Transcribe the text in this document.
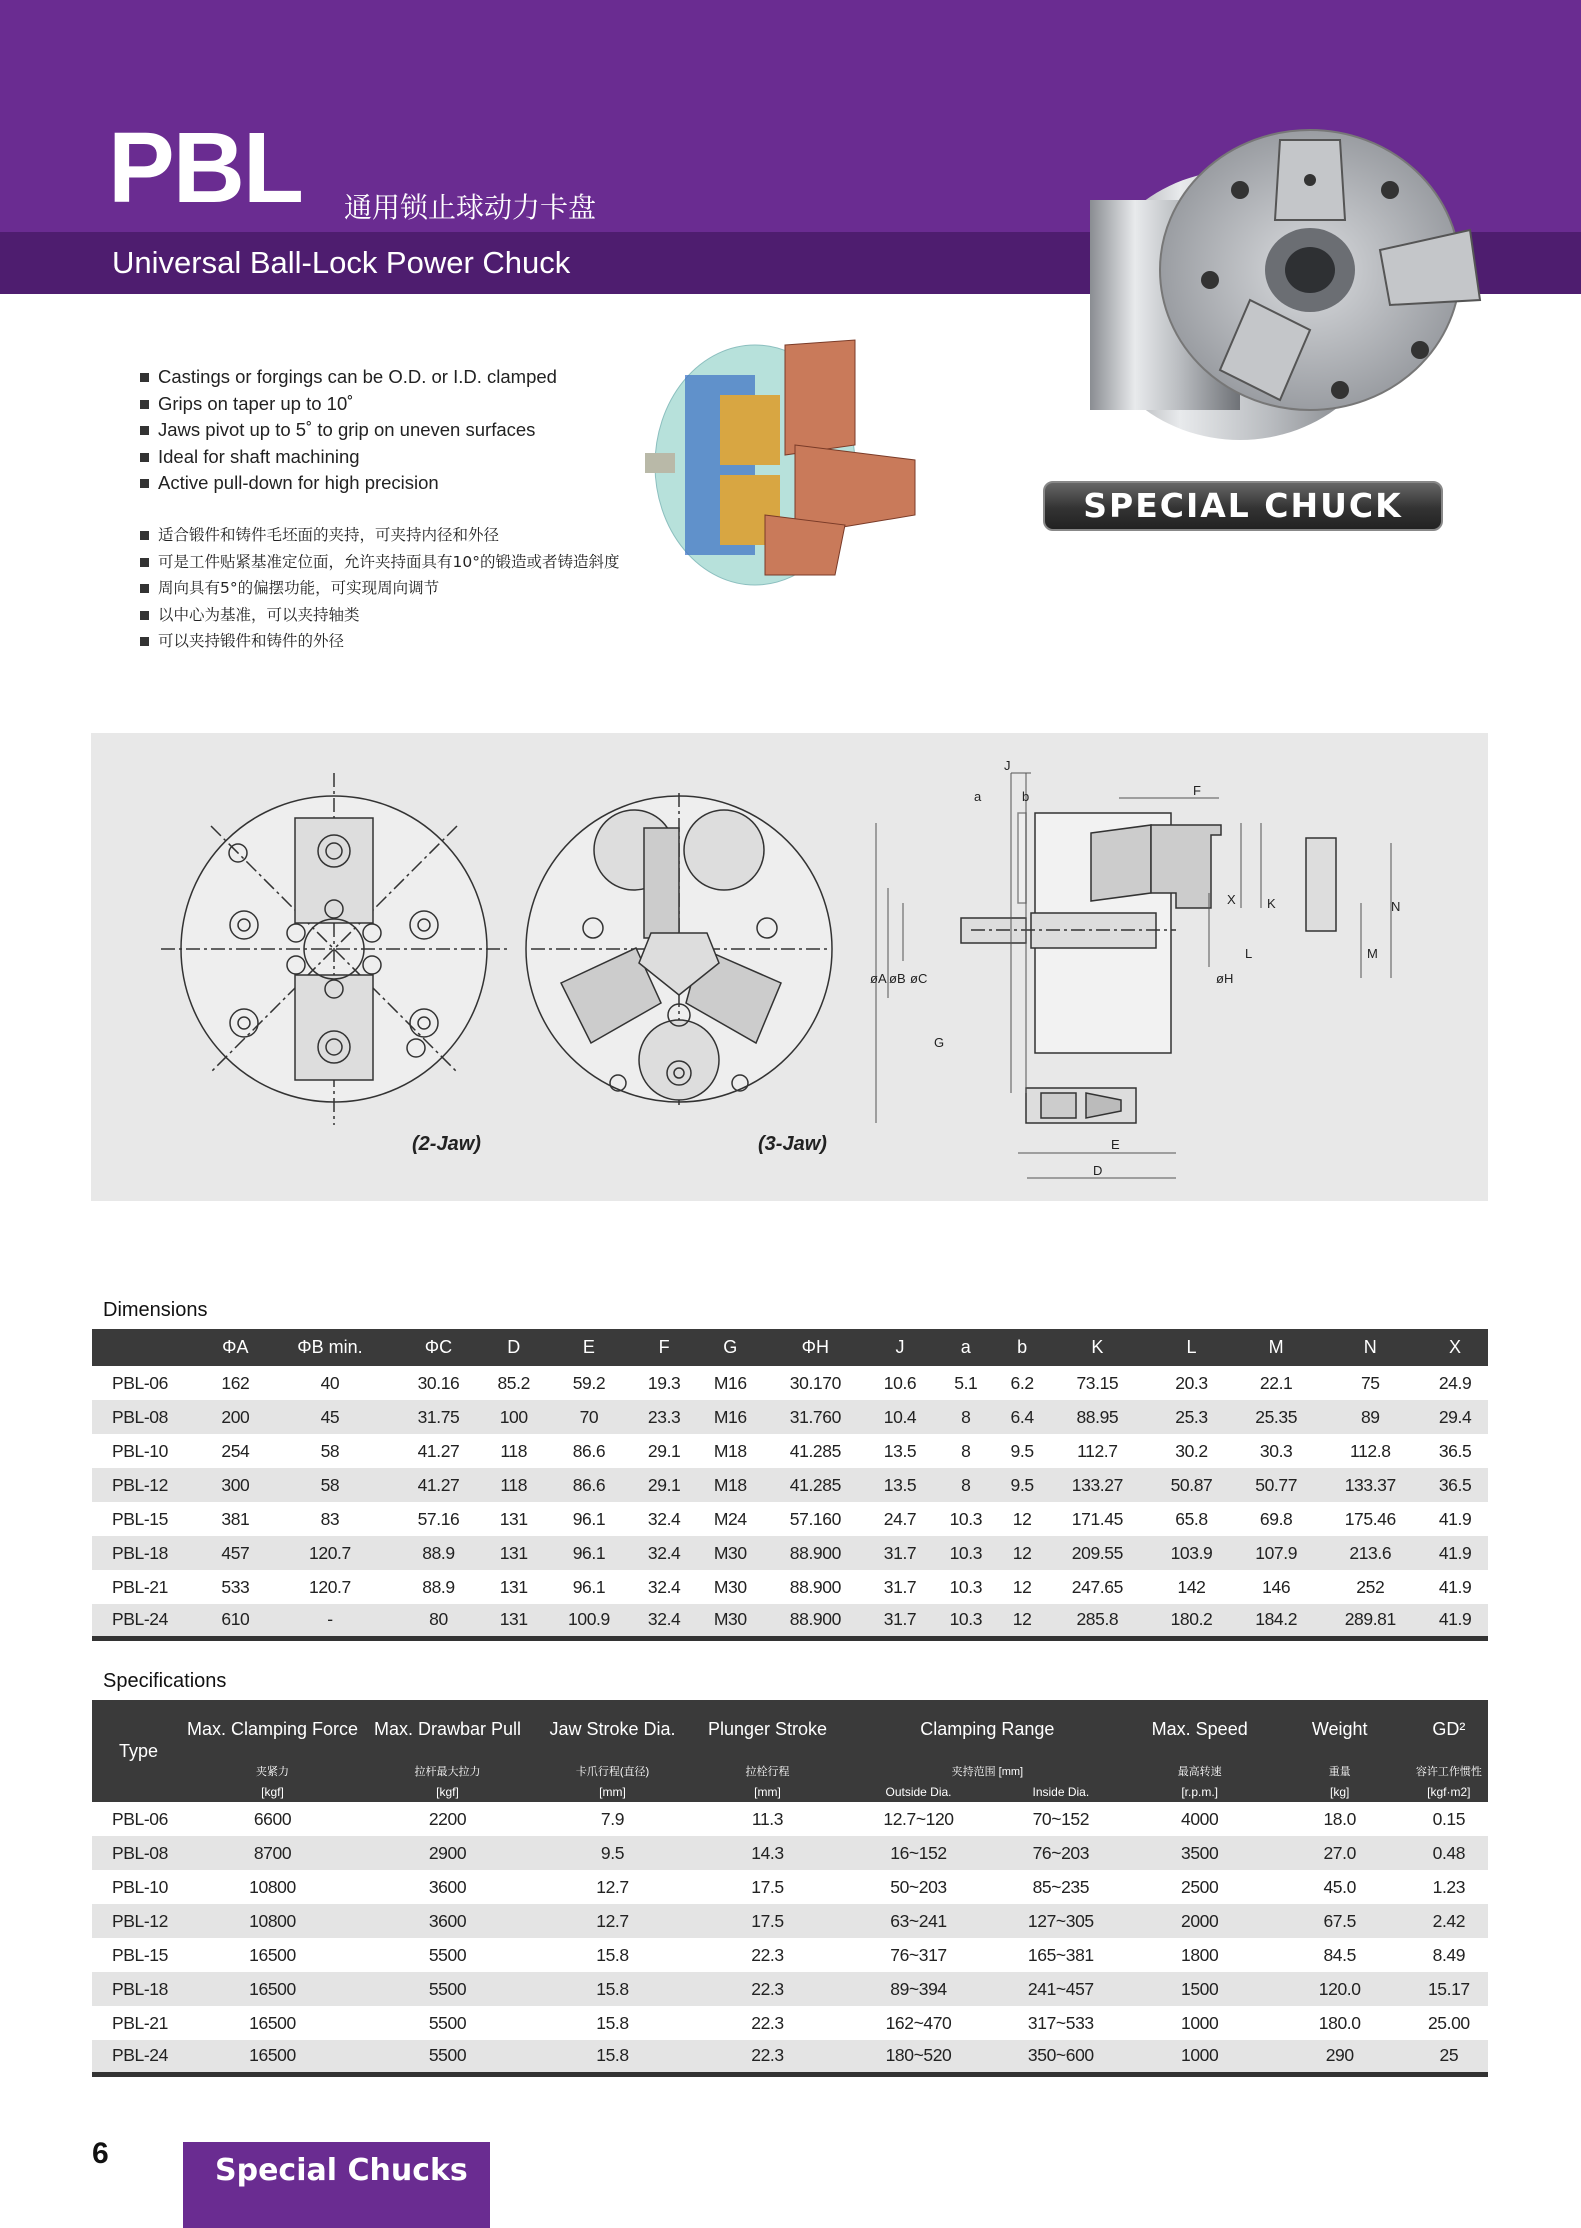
PBL 通用锁止球动力卡盘
Universal Ball-Lock Power Chuck
SPECIAL CHUCK
Castings or forgings can be O.D. or I.D. clamped
Grips on taper up to 10˚
Jaws pivot up to 5˚ to grip on uneven surfaces
Ideal for shaft machining
Active pull-down for high precision
适合锻件和铸件毛坯面的夹持，可夹持内径和外径
可是工件贴紧基准定位面，允许夹持面具有10°的锻造或者铸造斜度
周向具有5°的偏摆功能，可实现周向调节
以中心为基准，可以夹持轴类
可以夹持锻件和铸件的外径
J
a	b	F
X K	N
L	M
øA øB øC	øH
G
E
D
(2-Jaw)	(3-Jaw)
Dimensions
	ΦA	ΦB min.	ΦC	D	E	F	G	ΦH	J	a	b	K	L	M	N	X
PBL-06	162	40	30.16	85.2	59.2	19.3	M16	30.170	10.6	5.1	6.2	73.15	20.3	22.1	75	24.9
PBL-08	200	45	31.75	100	70	23.3	M16	31.760	10.4	8	6.4	88.95	25.3	25.35	89	29.4
PBL-10	254	58	41.27	118	86.6	29.1	M18	41.285	13.5	8	9.5	112.7	30.2	30.3	112.8	36.5
PBL-12	300	58	41.27	118	86.6	29.1	M18	41.285	13.5	8	9.5	133.27	50.87	50.77	133.37	36.5
PBL-15	381	83	57.16	131	96.1	32.4	M24	57.160	24.7	10.3	12	171.45	65.8	69.8	175.46	41.9
PBL-18	457	120.7	88.9	131	96.1	32.4	M30	88.900	31.7	10.3	12	209.55	103.9	107.9	213.6	41.9
PBL-21	533	120.7	88.9	131	96.1	32.4	M30	88.900	31.7	10.3	12	247.65	142	146	252	41.9
PBL-24	610	-	80	131	100.9	32.4	M30	88.900	31.7	10.3	12	285.8	180.2	184.2	289.81	41.9
Specifications
Type	Max. Clamping Force	Max. Drawbar Pull	Jaw Stroke Dia.	Plunger Stroke	Clamping Range		Max. Speed	Weight	GD²
	夹紧力	拉杆最大拉力	卡爪行程(直径)	拉栓行程	夹持范围 [mm]		最高转速	重量	容许工作惯性
	[kgf]	[kgf]	[mm]	[mm]	Outside Dia.	Inside Dia.	[r.p.m.]	[kg]	[kgf·m2]
PBL-06	6600	2200	7.9	11.3	12.7~120	70~152	4000	18.0	0.15
PBL-08	8700	2900	9.5	14.3	16~152	76~203	3500	27.0	0.48
PBL-10	10800	3600	12.7	17.5	50~203	85~235	2500	45.0	1.23
PBL-12	10800	3600	12.7	17.5	63~241	127~305	2000	67.5	2.42
PBL-15	16500	5500	15.8	22.3	76~317	165~381	1800	84.5	8.49
PBL-18	16500	5500	15.8	22.3	89~394	241~457	1500	120.0	15.17
PBL-21	16500	5500	15.8	22.3	162~470	317~533	1000	180.0	25.00
PBL-24	16500	5500	15.8	22.3	180~520	350~600	1000	290	25
6	Special Chucks
